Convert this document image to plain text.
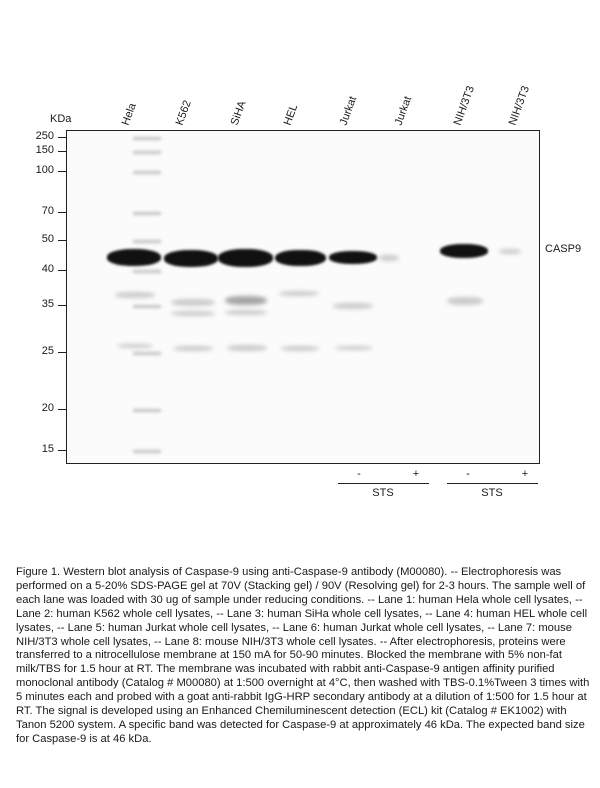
KDa	Hela	K562	SiHA	HEL	Jurkat	Jurkat	NIH/3T3	NIH/3T3
250
150
100
70
50
40
35
25
20
15
CASP9
-	+	-	+
STS	STS

Figure 1. Western blot analysis of Caspase-9 using anti-Caspase-9 antibody (M00080). -- Electrophoresis was performed on a 5-20% SDS-PAGE gel at 70V (Stacking gel) / 90V (Resolving gel) for 2-3 hours. The sample well of each lane was loaded with 30 ug of sample under reducing conditions. -- Lane 1: human Hela whole cell lysates, -- Lane 2: human K562 whole cell lysates, -- Lane 3: human SiHa whole cell lysates, -- Lane 4: human HEL whole cell lysates, -- Lane 5: human Jurkat whole cell lysates, -- Lane 6: human Jurkat whole cell lysates, -- Lane 7: mouse NIH/3T3 whole cell lysates, -- Lane 8: mouse NIH/3T3 whole cell lysates. -- After electrophoresis, proteins were transferred to a nitrocellulose membrane at 150 mA for 50-90 minutes. Blocked the membrane with 5% non-fat milk/TBS for 1.5 hour at RT. The membrane was incubated with rabbit anti-Caspase-9 antigen affinity purified monoclonal antibody (Catalog # M00080) at 1:500 overnight at 4°C, then washed with TBS-0.1%Tween 3 times with 5 minutes each and probed with a goat anti-rabbit IgG-HRP secondary antibody at a dilution of 1:500 for 1.5 hour at RT. The signal is developed using an Enhanced Chemiluminescent detection (ECL) kit (Catalog # EK1002) with Tanon 5200 system. A specific band was detected for Caspase-9 at approximately 46 kDa. The expected band size for Caspase-9 is at 46 kDa.
